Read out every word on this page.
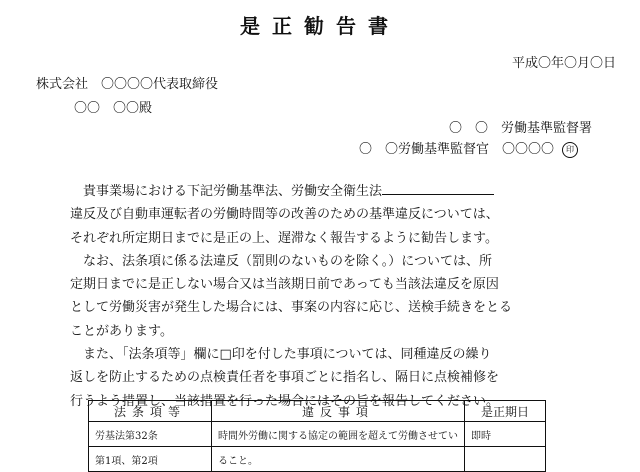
是正勧告書
平成〇年〇月〇日
株式会社　〇〇〇〇代表取締役
〇〇　〇〇殿
〇　〇　労働基準監督署
〇　〇労働基準監督官　〇〇〇〇 印

　貴事業場における下記労働基準法、労働安全衛生法

違反及び自動車運転者の労働時間等の改善のための基準違反については、

それぞれ所定期日までに是正の上、遅滞なく報告するように勧告します。

　なお、法条項に係る法違反（罰則のないものを除く。）については、所

定期日までに是正しない場合又は当該期日前であっても当該法違反を原因

として労働災害が発生した場合には、事案の内容に応じ、送検手続きをとる

ことがあります。

　また、「法条項等」欄に□印を付した事項については、同種違反の繰り

返しを防止するための点検責任者を事項ごとに指名し、隔日に点検補修を

行うよう措置し、当該措置を行った場合にはその旨を報告してください。

法条項等	違反事項	是正期日
労基法第32条	時間外労働に関する協定の範囲を超えて労働させてい	即時
第1項、第2項	ること。	
